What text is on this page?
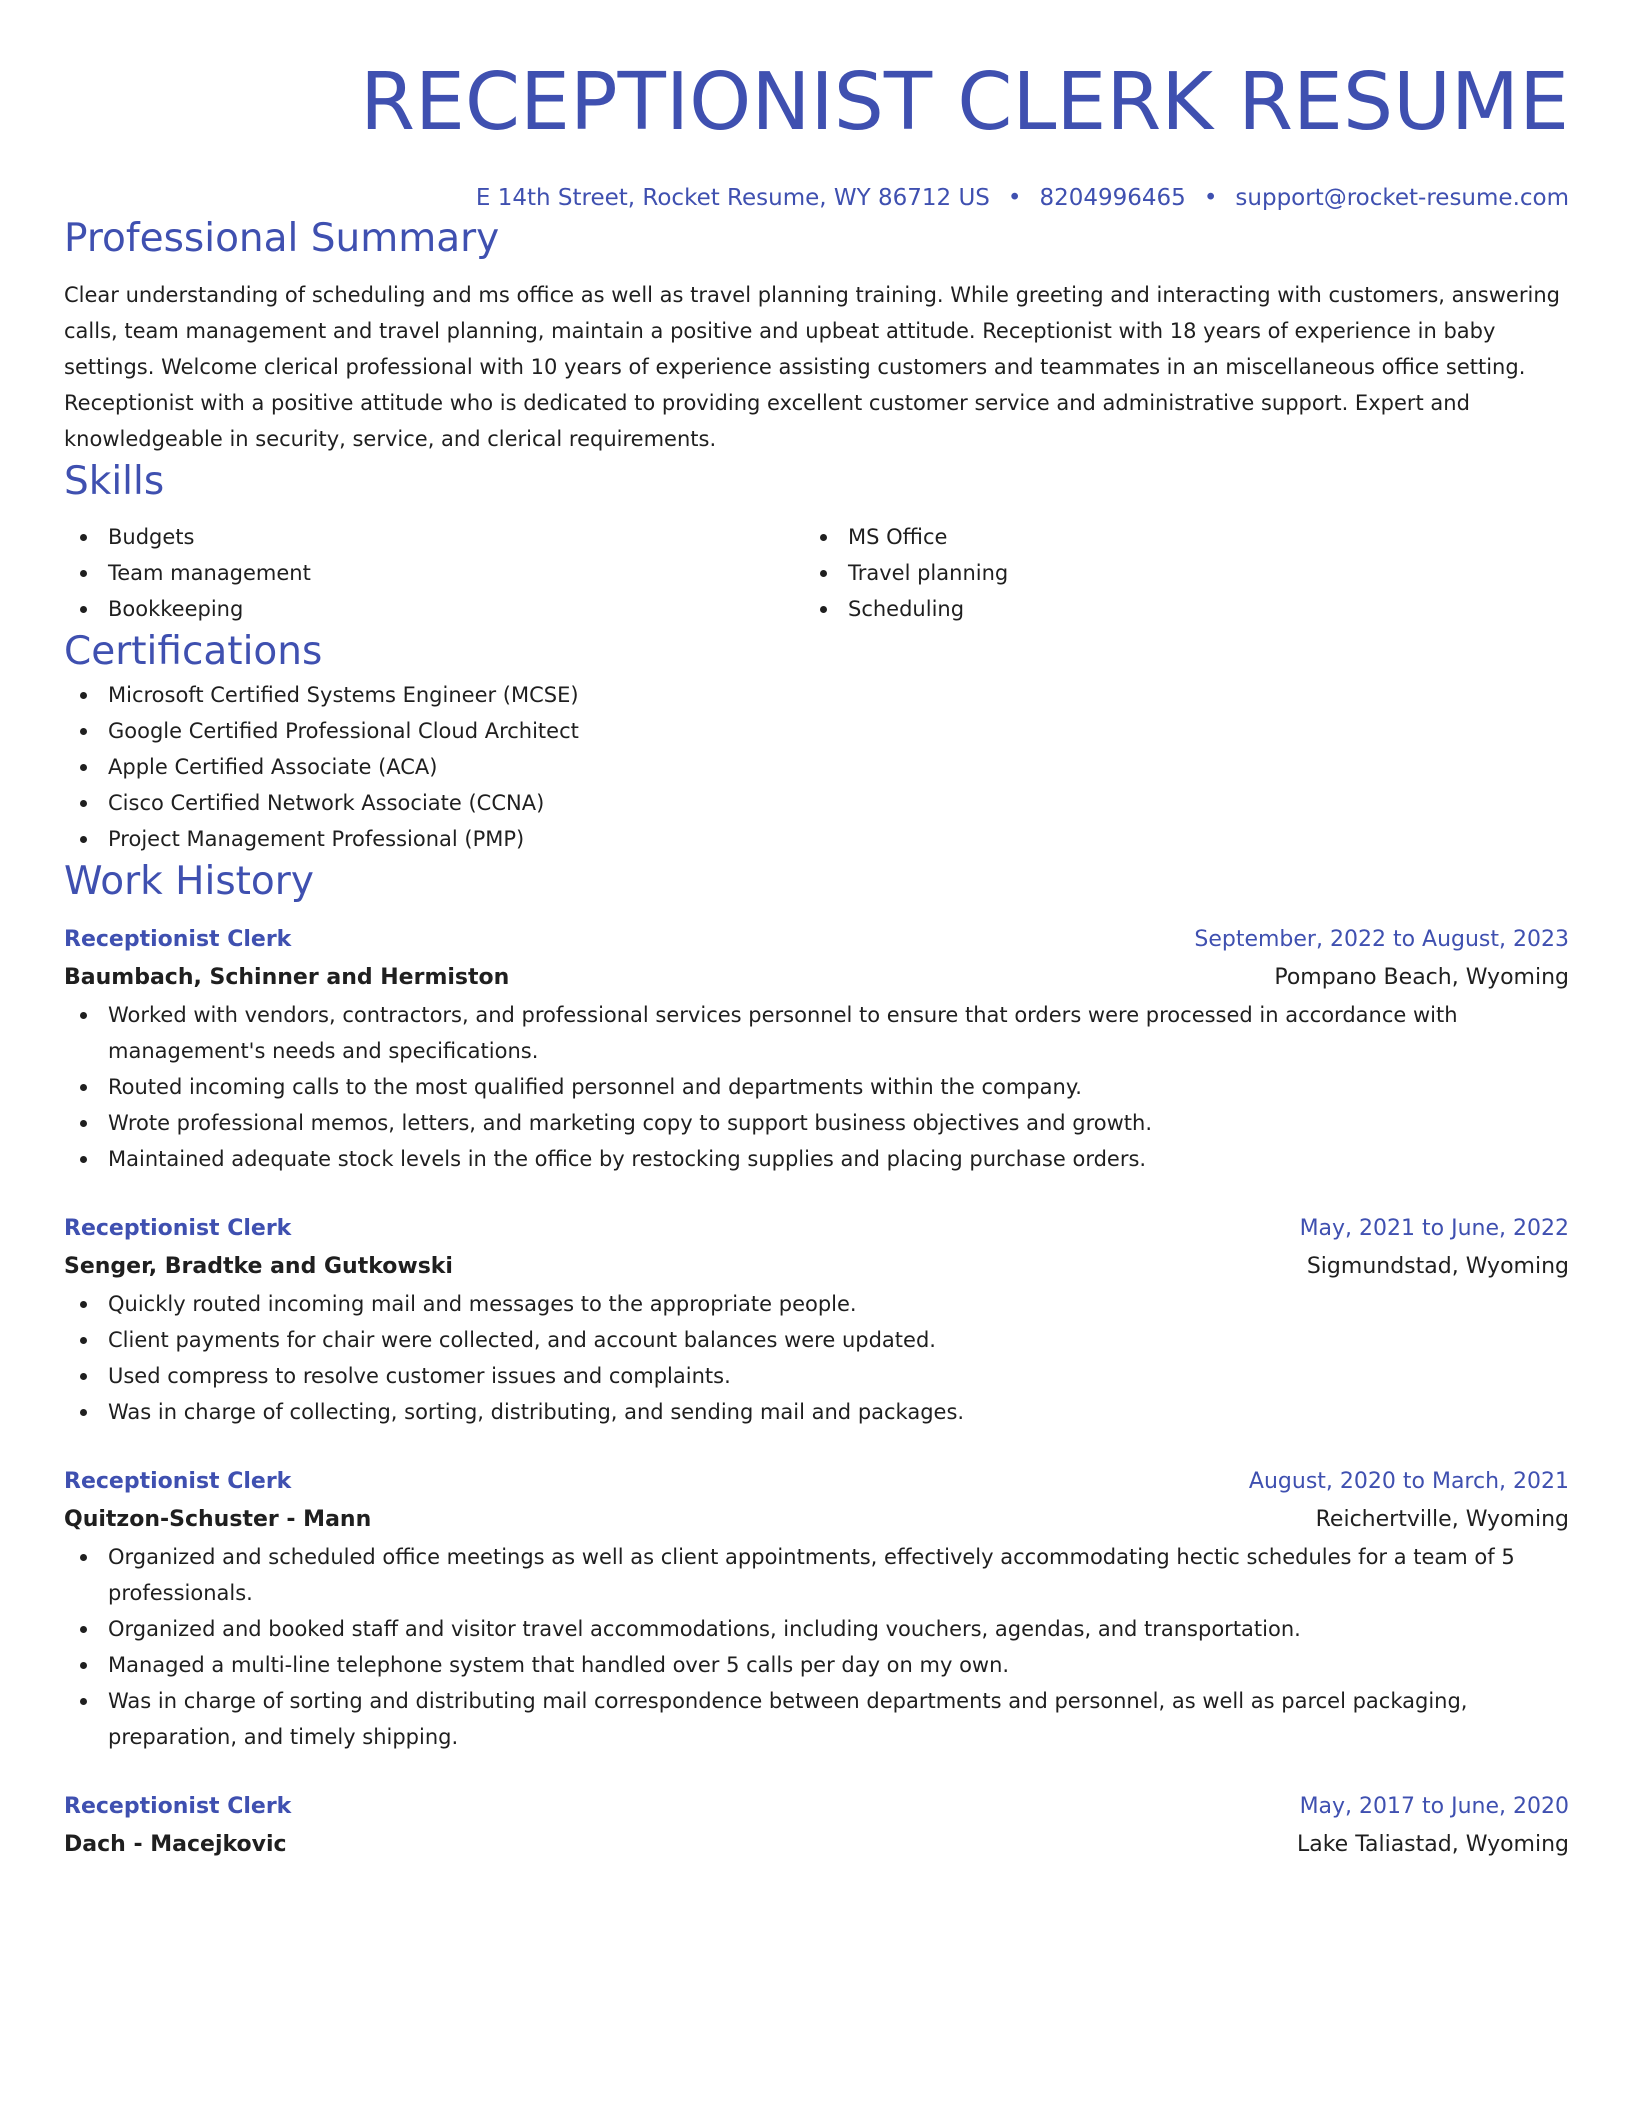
RECEPTIONIST CLERK RESUME
E 14th Street, Rocket Resume, WY 86712 US • 8204996465 • support@rocket-resume.com
Professional Summary

Clear understanding of scheduling and ms office as well as travel planning training. While greeting and interacting with customers, answering calls, team management and travel planning, maintain a positive and upbeat attitude. Receptionist with 18 years of experience in baby settings. Welcome clerical professional with 10 years of experience assisting customers and teammates in an miscellaneous office setting. Receptionist with a positive attitude who is dedicated to providing excellent customer service and administrative support. Expert and knowledgeable in security, service, and clerical requirements.

Skills
Budgets
Team management
Bookkeeping
MS Office
Travel planning
Scheduling
Certifications
Microsoft Certified Systems Engineer (MCSE)
Google Certified Professional Cloud Architect
Apple Certified Associate (ACA)
Cisco Certified Network Associate (CCNA)
Project Management Professional (PMP)
Work History
Receptionist Clerk	September, 2022 to August, 2023
Baumbach, Schinner and Hermiston	Pompano Beach, Wyoming
Worked with vendors, contractors, and professional services personnel to ensure that orders were processed in accordance with management's needs and specifications.
Routed incoming calls to the most qualified personnel and departments within the company.
Wrote professional memos, letters, and marketing copy to support business objectives and growth.
Maintained adequate stock levels in the office by restocking supplies and placing purchase orders.
Receptionist Clerk	May, 2021 to June, 2022
Senger, Bradtke and Gutkowski	Sigmundstad, Wyoming
Quickly routed incoming mail and messages to the appropriate people.
Client payments for chair were collected, and account balances were updated.
Used compress to resolve customer issues and complaints.
Was in charge of collecting, sorting, distributing, and sending mail and packages.
Receptionist Clerk	August, 2020 to March, 2021
Quitzon-Schuster - Mann	Reichertville, Wyoming
Organized and scheduled office meetings as well as client appointments, effectively accommodating hectic schedules for a team of 5 professionals.
Organized and booked staff and visitor travel accommodations, including vouchers, agendas, and transportation.
Managed a multi-line telephone system that handled over 5 calls per day on my own.
Was in charge of sorting and distributing mail correspondence between departments and personnel, as well as parcel packaging, preparation, and timely shipping.
Receptionist Clerk	May, 2017 to June, 2020
Dach - Macejkovic	Lake Taliastad, Wyoming
